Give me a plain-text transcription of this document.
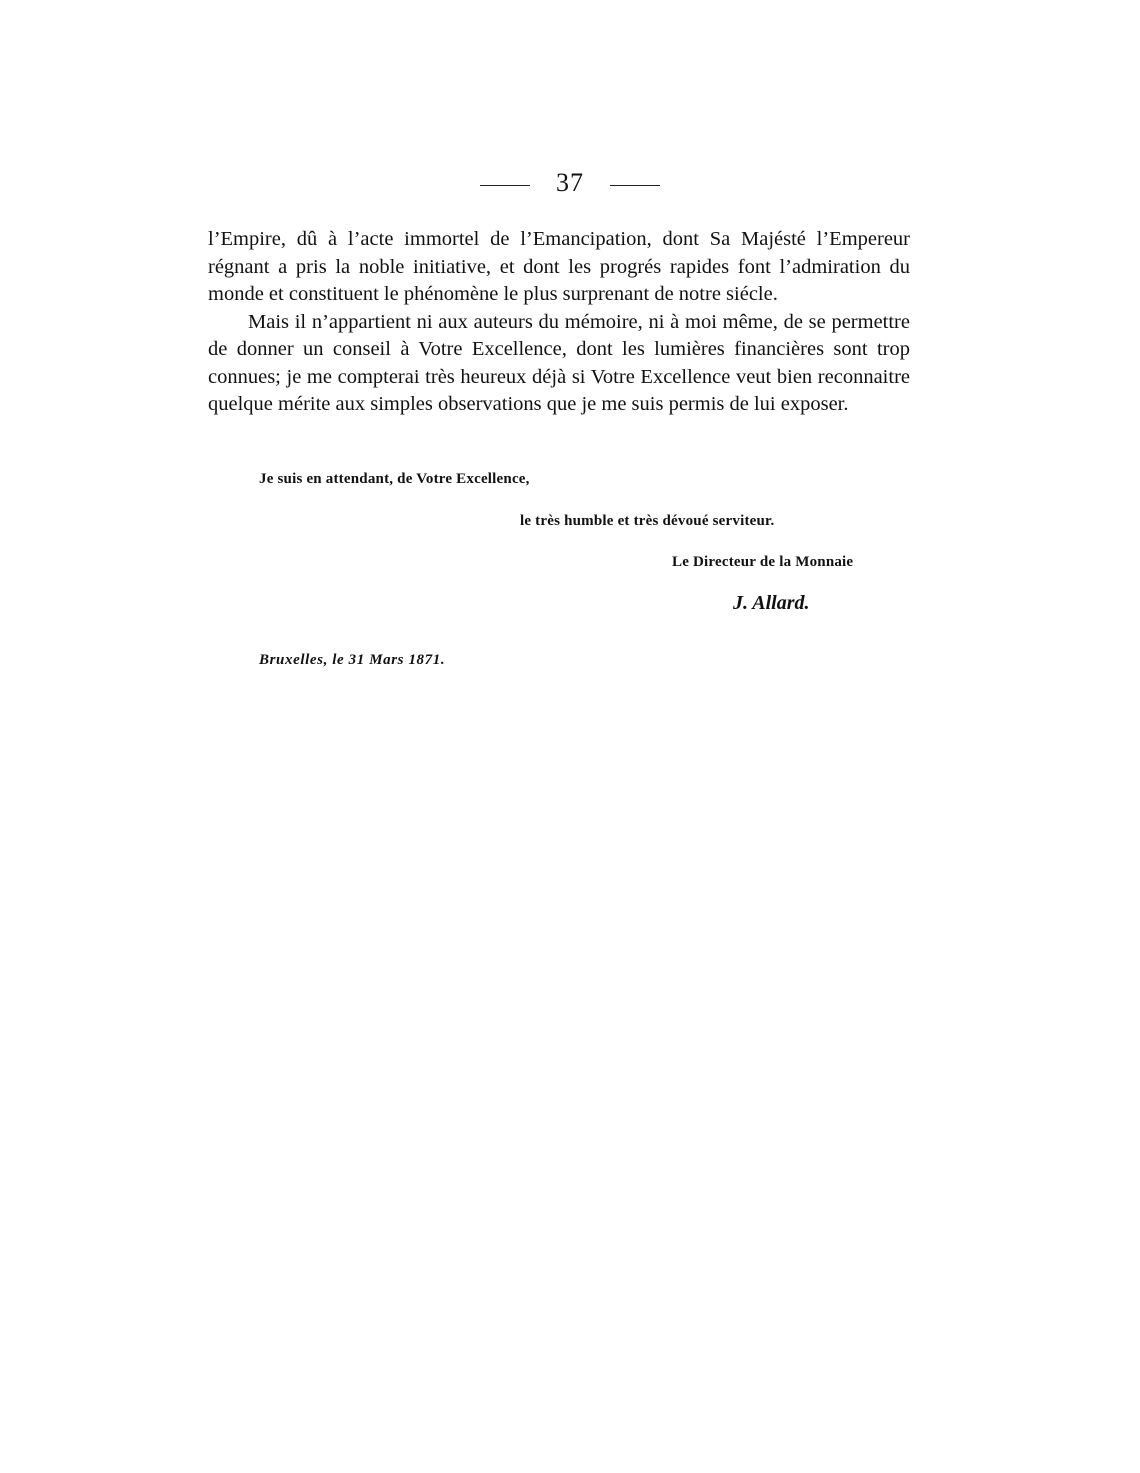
37

l’Empire, dû à l’acte immortel de l’Emancipation, dont Sa Majésté l’Empereur régnant a pris la noble initiative, et dont les progrés rapides font l’admiration du monde et constituent le phénomène le plus surprenant de notre siécle.

Mais il n’appartient ni aux auteurs du mémoire, ni à moi même, de se permettre de donner un conseil à Votre Excellence, dont les lumières financières sont trop connues; je me compterai très heureux déjà si Votre Excellence veut bien reconnaitre quelque mérite aux simples observations que je me suis permis de lui exposer.

Je suis en attendant, de Votre Excellence,
le très humble et très dévoué serviteur.
Le Directeur de la Monnaie
J. Allard.
Bruxelles, le 31 Mars 1871.
